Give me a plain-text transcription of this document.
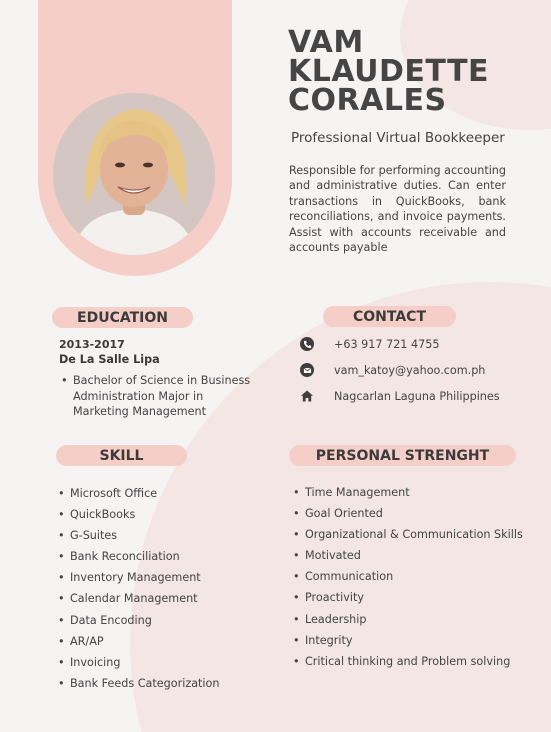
VAM
KLAUDETTE
CORALES
Professional Virtual Bookkeeper
Responsible for performing accounting and administrative duties. Can enter transactions in QuickBooks, bank reconciliations, and invoice payments. Assist with accounts receivable and accounts payable
EDUCATION
2013-2017
De La Salle Lipa
• Bachelor of Science in Business Administration Major in Marketing Management
CONTACT
+63 917 721 4755
vam_katoy@yahoo.com.ph
Nagcarlan Laguna Philippines
SKILL
• Microsoft Office
• QuickBooks
• G-Suites
• Bank Reconciliation
• Inventory Management
• Calendar Management
• Data Encoding
• AR/AP
• Invoicing
• Bank Feeds Categorization
PERSONAL STRENGHT
• Time Management
• Goal Oriented
• Organizational & Communication Skills
• Motivated
• Communication
• Proactivity
• Leadership
• Integrity
• Critical thinking and Problem solving
